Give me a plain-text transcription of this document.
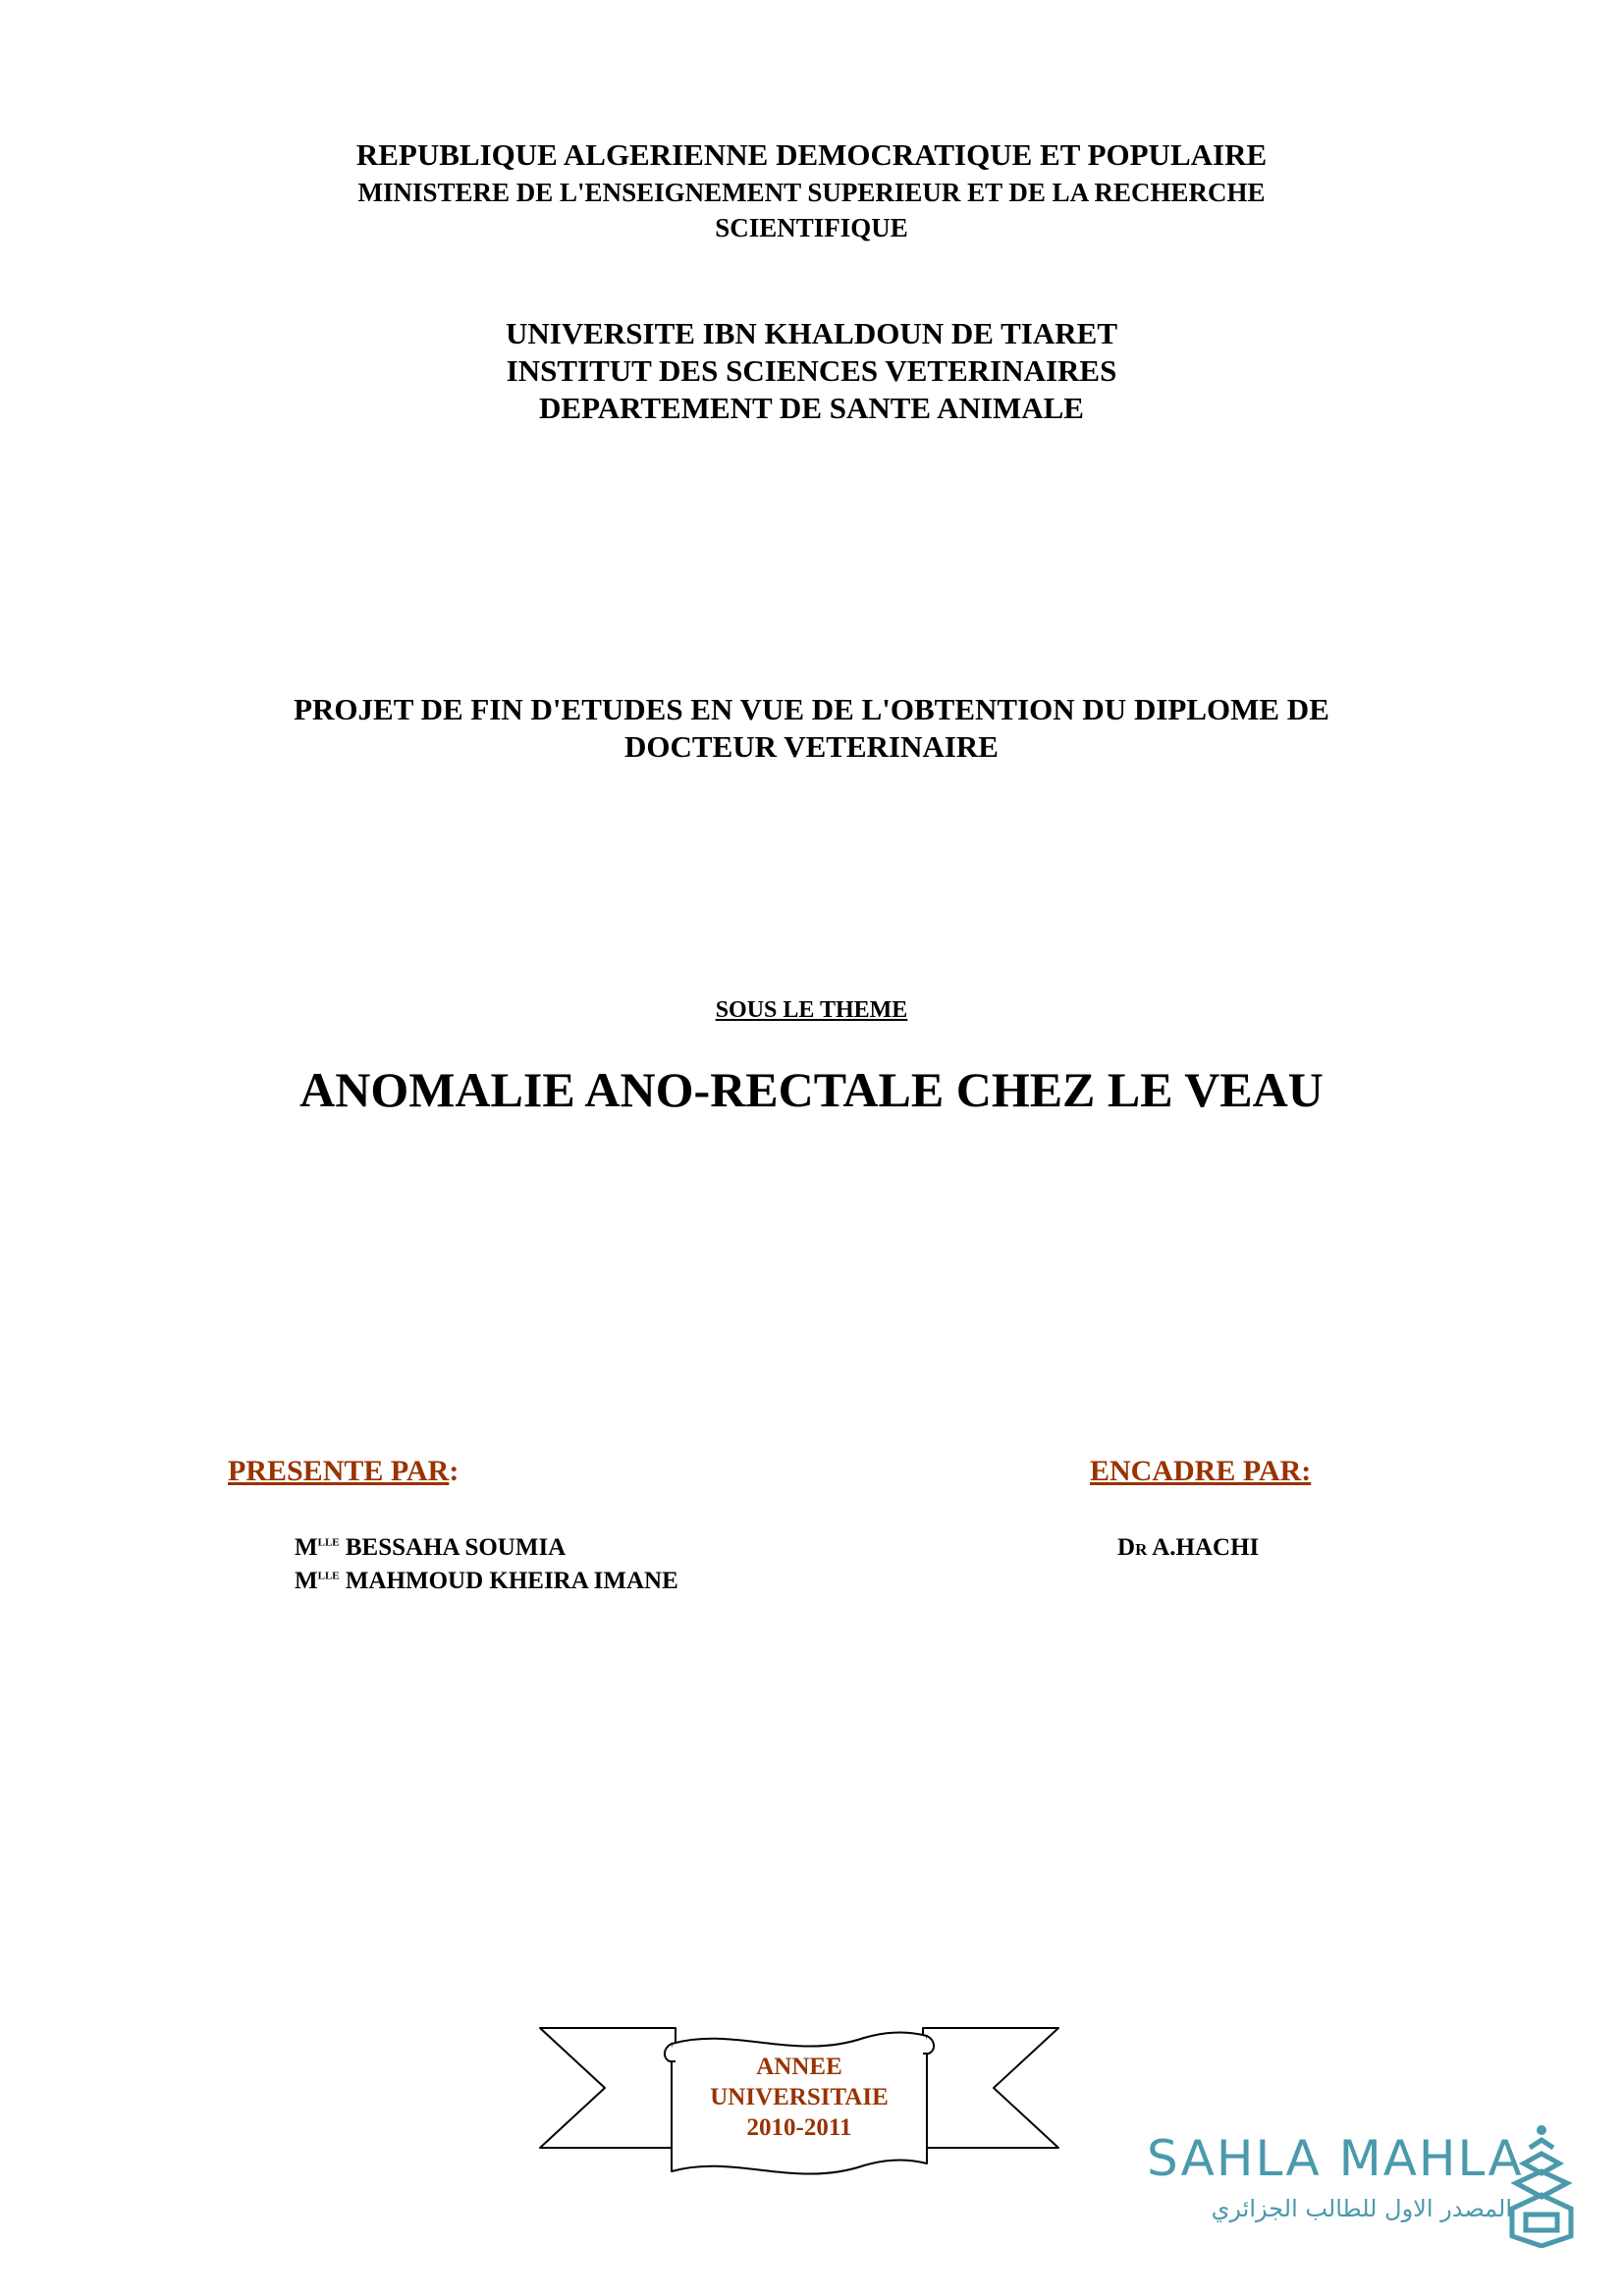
REPUBLIQUE ALGERIENNE DEMOCRATIQUE ET POPULAIRE
MINISTERE DE L'ENSEIGNEMENT SUPERIEUR ET DE LA RECHERCHE
SCIENTIFIQUE
UNIVERSITE IBN KHALDOUN DE TIARET
INSTITUT DES SCIENCES VETERINAIRES
DEPARTEMENT DE SANTE ANIMALE
PROJET DE FIN D'ETUDES EN VUE DE L'OBTENTION DU DIPLOME DE
DOCTEUR VETERINAIRE
SOUS LE THEME
ANOMALIE ANO-RECTALE CHEZ LE VEAU
PRESENTE PAR:	ENCADRE PAR:
$M^{LLE}$ BESSAHA SOUMIA
$M^{LLE}$ MAHMOUD KHEIRA IMANE
DR A.HACHI
ANNEE
UNIVERSITAIE
2010-2011
SAHLA MAHLA
المصدر الاول للطالب الجزائري
